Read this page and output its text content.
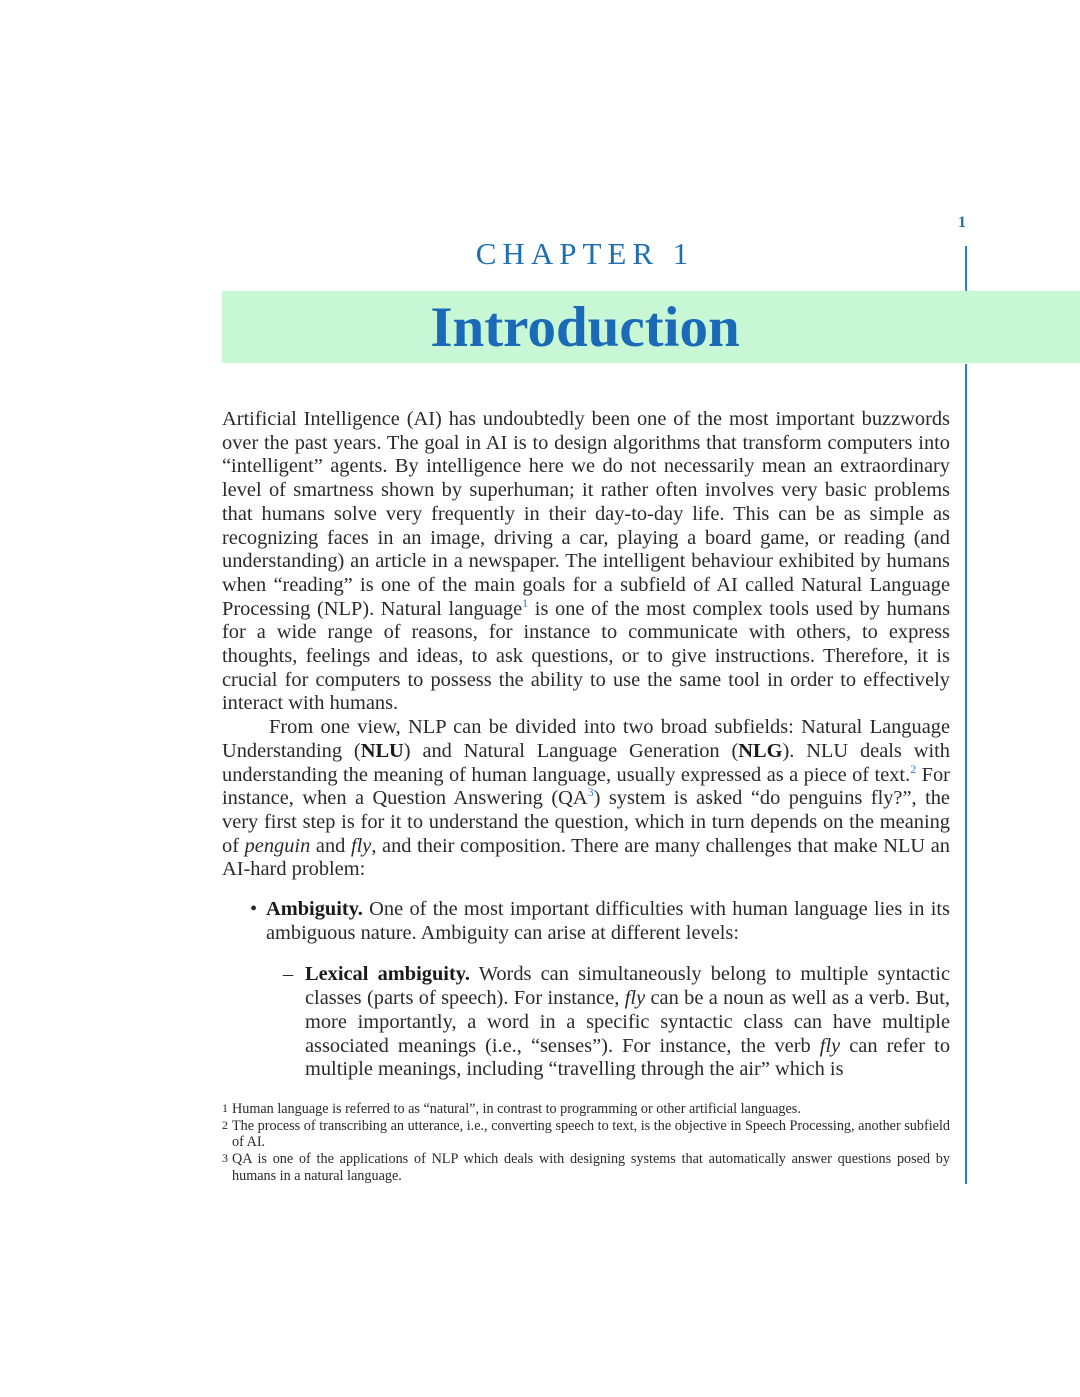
1
CHAPTER 1
Introduction

Artificial Intelligence (AI) has undoubtedly been one of the most important buzzwords over the past years. The goal in AI is to design algorithms that transform computers into “intelligent” agents. By intelligence here we do not necessarily mean an extraordinary level of smartness shown by superhuman; it rather often involves very basic problems that humans solve very frequently in their day-to-day life. This can be as simple as recognizing faces in an image, driving a car, playing a board game, or reading (and understanding) an article in a newspaper. The intelligent behaviour exhibited by humans when “reading” is one of the main goals for a subfield of AI called Natural Language Processing (NLP). Natural language$^1$ is one of the most complex tools used by humans for a wide range of reasons, for instance to communicate with others, to express thoughts, feelings and ideas, to ask questions, or to give instructions. Therefore, it is crucial for computers to possess the ability to use the same tool in order to effectively interact with humans.

From one view, NLP can be divided into two broad subfields: Natural Language Understanding (NLU) and Natural Language Generation (NLG). NLU deals with understanding the meaning of human language, usually expressed as a piece of text.$^2$ For instance, when a Question Answering $(QA^3)$ system is asked “do penguins fly?”, the very first step is for it to understand the question, which in turn depends on the meaning of penguin and fly, and their composition. There are many challenges that make NLU an AI-hard problem:

• Ambiguity. One of the most important difficulties with human language lies in its ambiguous nature. Ambiguity can arise at different levels:
– Lexical ambiguity. Words can simultaneously belong to multiple syntactic classes (parts of speech). For instance, fly can be a noun as well as a verb. But, more importantly, a word in a specific syntactic class can have multiple associated meanings (i.e., “senses”). For instance, the verb fly can refer to multiple meanings, including “travelling through the air” which is
1 Human language is referred to as “natural”, in contrast to programming or other artificial languages.
2 The process of transcribing an utterance, i.e., converting speech to text, is the objective in Speech Processing, another subfield of AI.
3 QA is one of the applications of NLP which deals with designing systems that automatically answer questions posed by humans in a natural language.
